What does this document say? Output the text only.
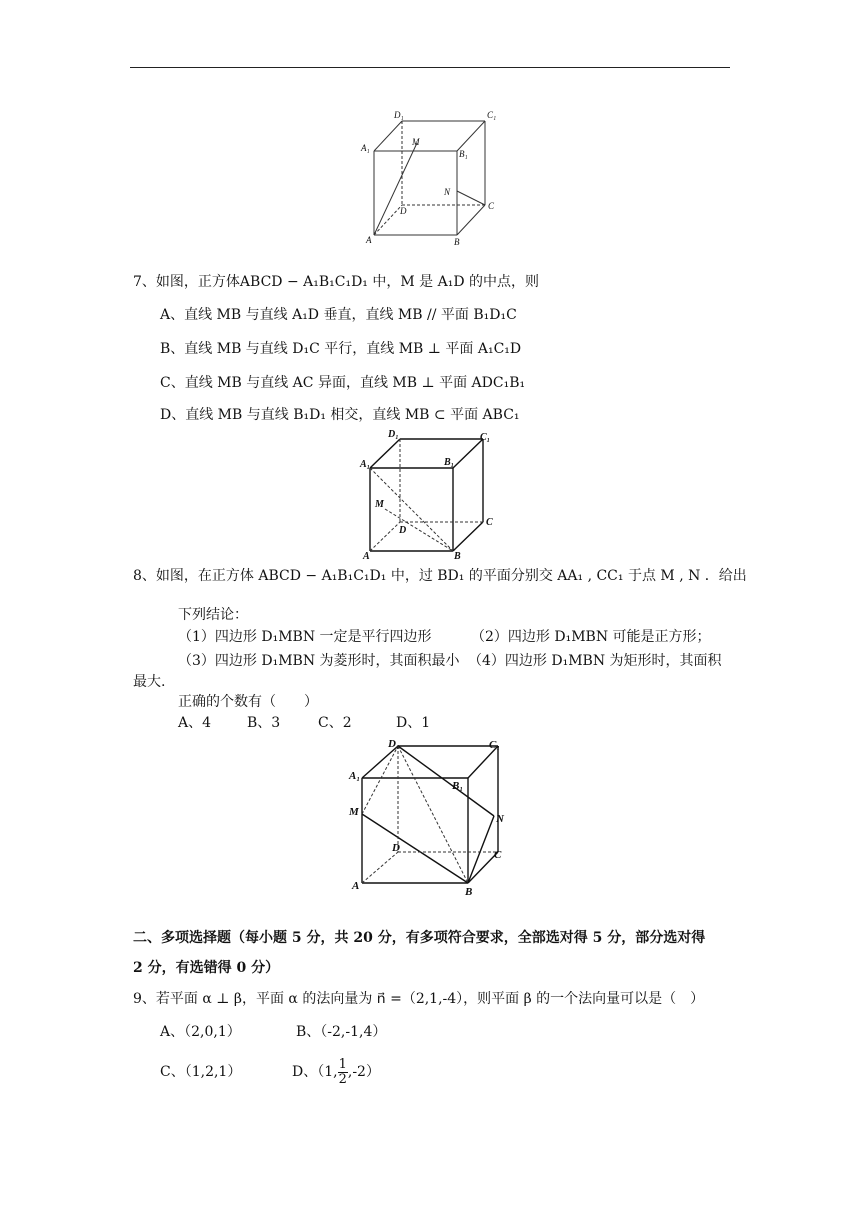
D₁	C₁
A₁
B₁
M
N
D	C
A	B
7、如图，正方体ABCD − A₁B₁C₁D₁ 中，M 是 A₁D 的中点，则
A、直线 MB 与直线 A₁D 垂直，直线 MB // 平面 B₁D₁C
B、直线 MB 与直线 D₁C 平行，直线 MB ⊥ 平面 A₁C₁D
C、直线 MB 与直线 AC 异面，直线 MB ⊥ 平面 ADC₁B₁
D、直线 MB 与直线 B₁D₁ 相交，直线 MB ⊂ 平面 ABC₁
D₁	C₁
A₁	B₁
M
D
C
A	B
8、如图，在正方体 ABCD − A₁B₁C₁D₁ 中，过 BD₁ 的平面分别交 AA₁ , CC₁ 于点 M , N ．给出
下列结论：
（1）四边形 D₁MBN 一定是平行四边形	（2）四边形 D₁MBN 可能是正方形；
（3）四边形 D₁MBN 为菱形时，其面积最小 （4）四边形 D₁MBN 为矩形时，其面积
最大.
正确的个数有（　　）
A、4	B、3	C、2	D、1
D₁	C₁
A₁
B₁
M
N
D
C
A	B
二、多项选择题（每小题 5 分，共 20 分，有多项符合要求，全部选对得 5 分，部分选对得
2 分，有选错得 0 分）
9、若平面 α ⊥ β，平面 α 的法向量为 n⃗ =（2,1,-4），则平面 β 的一个法向量可以是（　）
A、（2,0,1）	B、（-2,-1,4）
C、（1,2,1）	D、（1, $\frac{1}{2} ,-2$）
